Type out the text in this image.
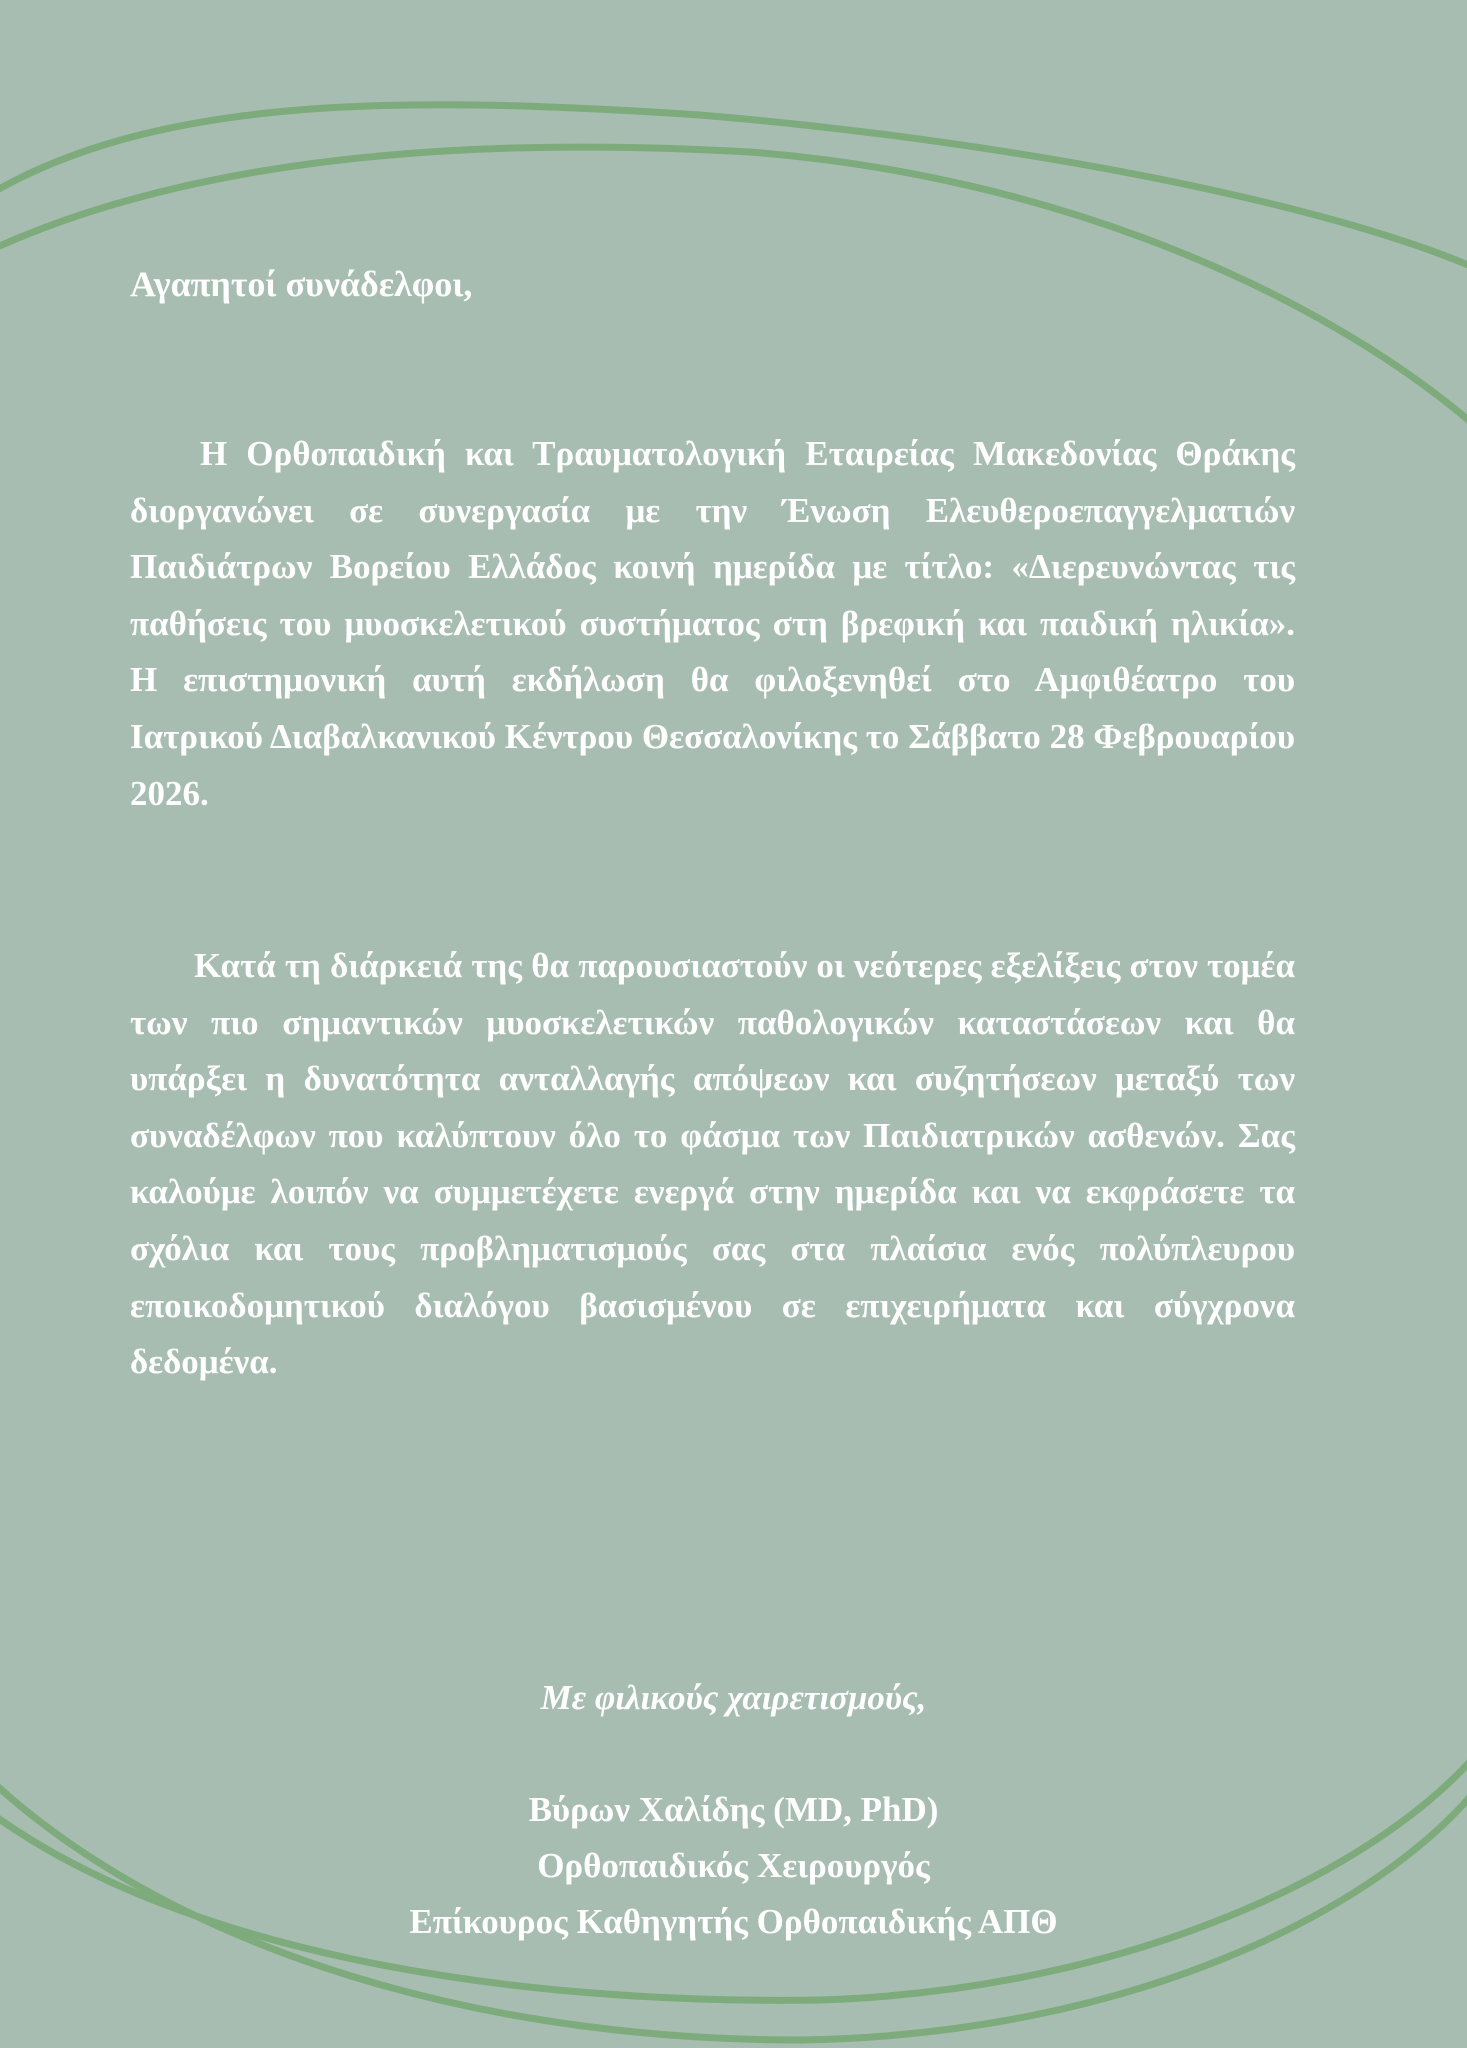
Αγαπητοί συνάδελφοι,

Η Ορθοπαιδική και Τραυματολογική Εταιρείας Μακεδονίας Θράκης διοργανώνει σε συνεργασία με την Ένωση Ελευθεροεπαγγελματιών Παιδιάτρων Βορείου Ελλάδος κοινή ημερίδα με τίτλο: «Διερευνώντας τις παθήσεις του μυοσκελετικού συστήματος στη βρεφική και παιδική ηλικία». Η επιστημονική αυτή εκδήλωση θα φιλοξενηθεί στο Αμφιθέατρο του Ιατρικού Διαβαλκανικού Κέντρου Θεσσαλονίκης το Σάββατο 28 Φεβρουαρίου 2026.

Κατά τη διάρκειά της θα παρουσιαστούν οι νεότερες εξελίξεις στον τομέα των πιο σημαντικών μυοσκελετικών παθολογικών καταστάσεων και θα υπάρξει η δυνατότητα ανταλλαγής απόψεων και συζητήσεων μεταξύ των συναδέλφων που καλύπτουν όλο το φάσμα των Παιδιατρικών ασθενών. Σας καλούμε λοιπόν να συμμετέχετε ενεργά στην ημερίδα και να εκφράσετε τα σχόλια και τους προβληματισμούς σας στα πλαίσια ενός πολύπλευρου εποικοδομητικού διαλόγου βασισμένου σε επιχειρήματα και σύγχρονα δεδομένα.

Με φιλικούς χαιρετισμούς,

Βύρων Χαλίδης (MD, PhD)

Ορθοπαιδικός Χειρουργός

Επίκουρος Καθηγητής Ορθοπαιδικής ΑΠΘ
